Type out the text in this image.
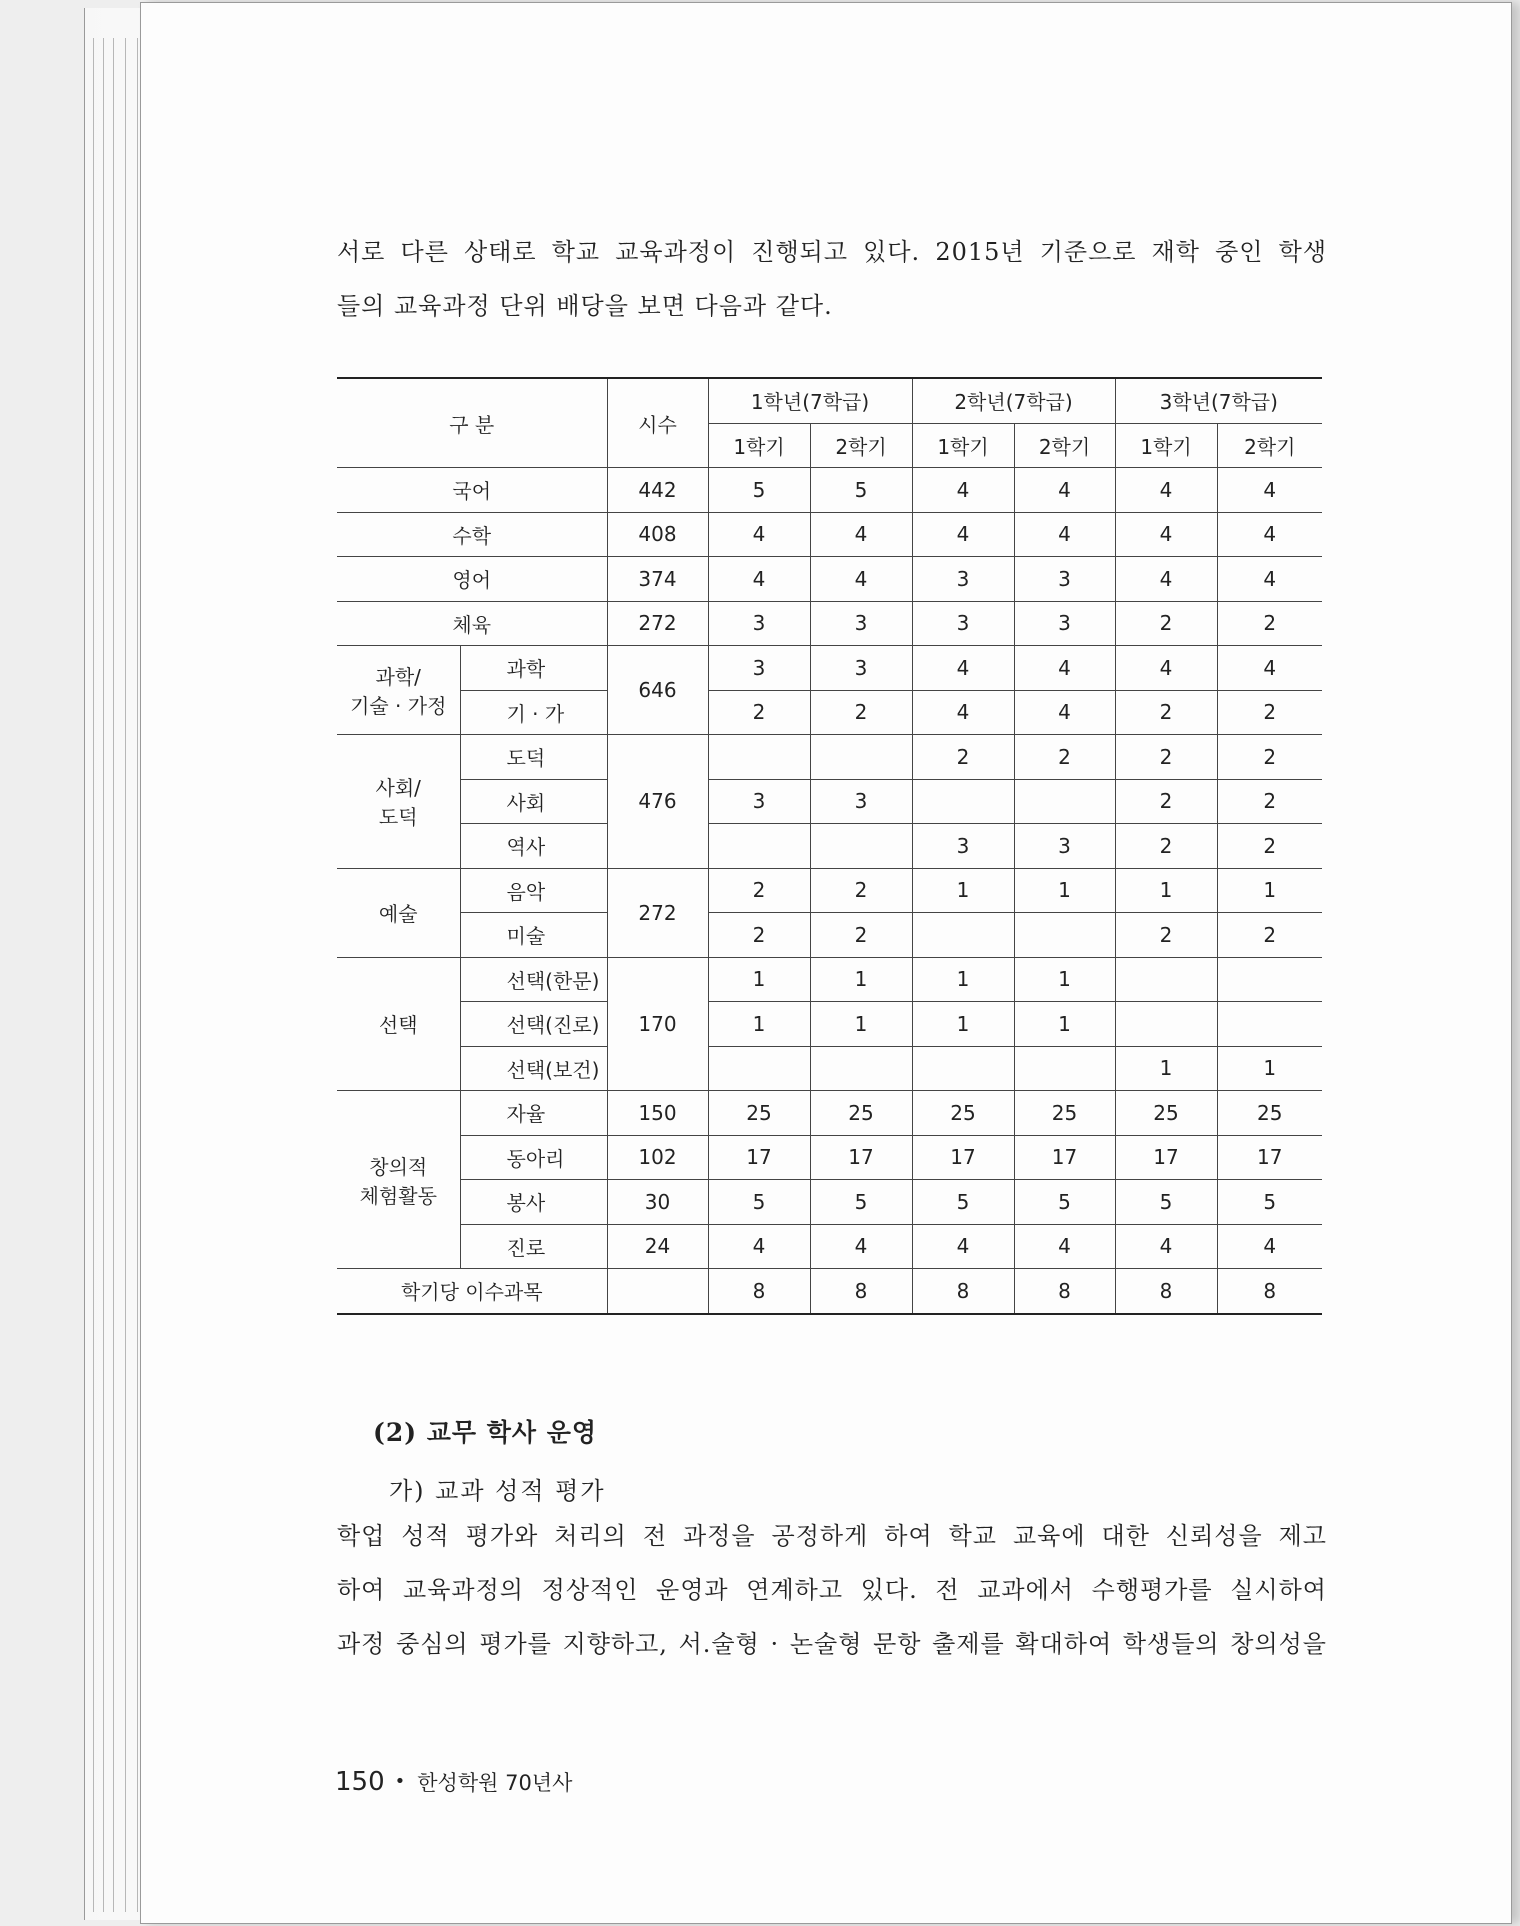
서로 다른 상태로 학교 교육과정이 진행되고 있다. 2015년 기준으로 재학 중인 학생
들의 교육과정 단위 배당을 보면 다음과 같다.
구 분		시수	1학년(7학급)		2학년(7학급)		3학년(7학급)	
			1학기	2학기	1학기	2학기	1학기	2학기
국어		442	5	5	4	4	4	4
수학		408	4	4	4	4	4	4
영어		374	4	4	3	3	4	4
체육		272	3	3	3	3	2	2
과학/
기술 · 가정	과학	646	3	3	4	4	4	4
	기 · 가		2	2	4	4	2	2
사회/
도덕	도덕	476			2	2	2	2
	사회		3	3			2	2
	역사				3	3	2	2
예술	음악	272	2	2	1	1	1	1
	미술		2	2			2	2
선택	선택(한문)	170	1	1	1	1		
	선택(진로)		1	1	1	1		
	선택(보건)						1	1
창의적
체험활동	자율	150	25	25	25	25	25	25
	동아리	102	17	17	17	17	17	17
	봉사	30	5	5	5	5	5	5
	진로	24	4	4	4	4	4	4
학기당 이수과목			8	8	8	8	8	8
(2) 교무 학사 운영
가) 교과 성적 평가
학업 성적 평가와 처리의 전 과정을 공정하게 하여 학교 교육에 대한 신뢰성을 제고
하여 교육과정의 정상적인 운영과 연계하고 있다. 전 교과에서 수행평가를 실시하여
과정 중심의 평가를 지향하고, 서.술형 · 논술형 문항 출제를 확대하여 학생들의 창의성을
150 • 한성학원 70년사
